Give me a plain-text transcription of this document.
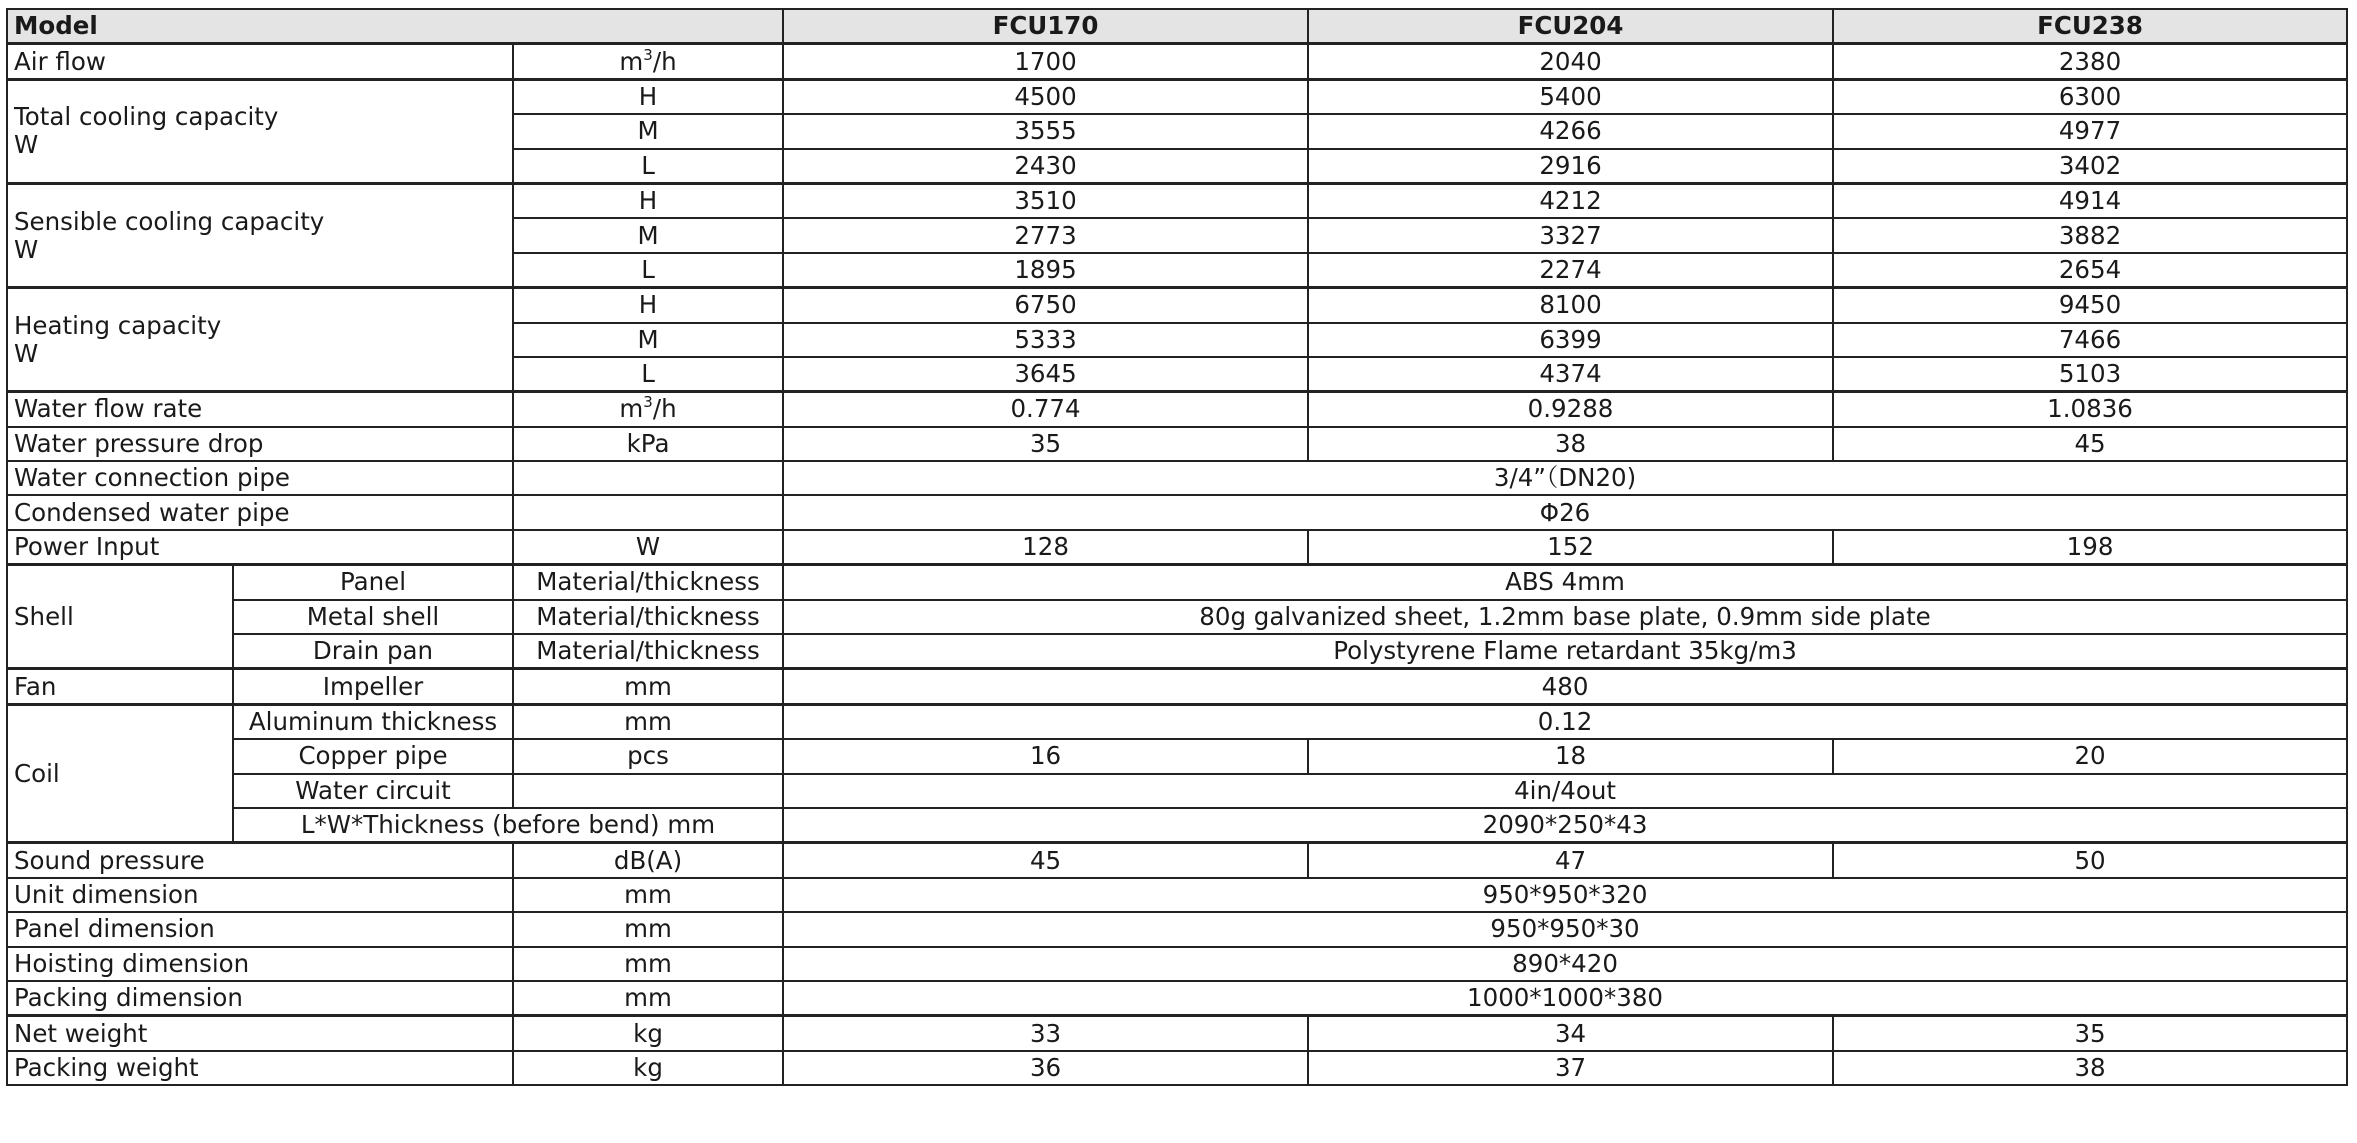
Model			FCU170	FCU204	FCU238
Air flow		$m^3/h$	1700	2040	2380
Total cooling capacity
W		H	4500	5400	6300
		M	3555	4266	4977
		L	2430	2916	3402
Sensible cooling capacity
W		H	3510	4212	4914
		M	2773	3327	3882
		L	1895	2274	2654
Heating capacity
W		H	6750	8100	9450
		M	5333	6399	7466
		L	3645	4374	5103
Water flow rate		$m^3/h$	0.774	0.9288	1.0836
Water pressure drop		kPa	35	38	45
Water connection pipe			3/4”（DN20)		
Condensed water pipe			Φ26		
Power Input		W	128	152	198
Shell	Panel	Material/thickness	ABS 4mm		
	Metal shell	Material/thickness	80g galvanized sheet, 1.2mm base plate, 0.9mm side plate		
	Drain pan	Material/thickness	Polystyrene Flame retardant 35kg/m3		
Fan	Impeller	mm	480		
Coil	Aluminum thickness	mm	0.12		
	Copper pipe	pcs	16	18	20
	Water circuit		4in/4out		
	L*W*Thickness (before bend) mm		2090*250*43		
Sound pressure		dB(A)	45	47	50
Unit dimension		mm	950*950*320		
Panel dimension		mm	950*950*30		
Hoisting dimension		mm	890*420		
Packing dimension		mm	1000*1000*380		
Net weight		kg	33	34	35
Packing weight		kg	36	37	38
